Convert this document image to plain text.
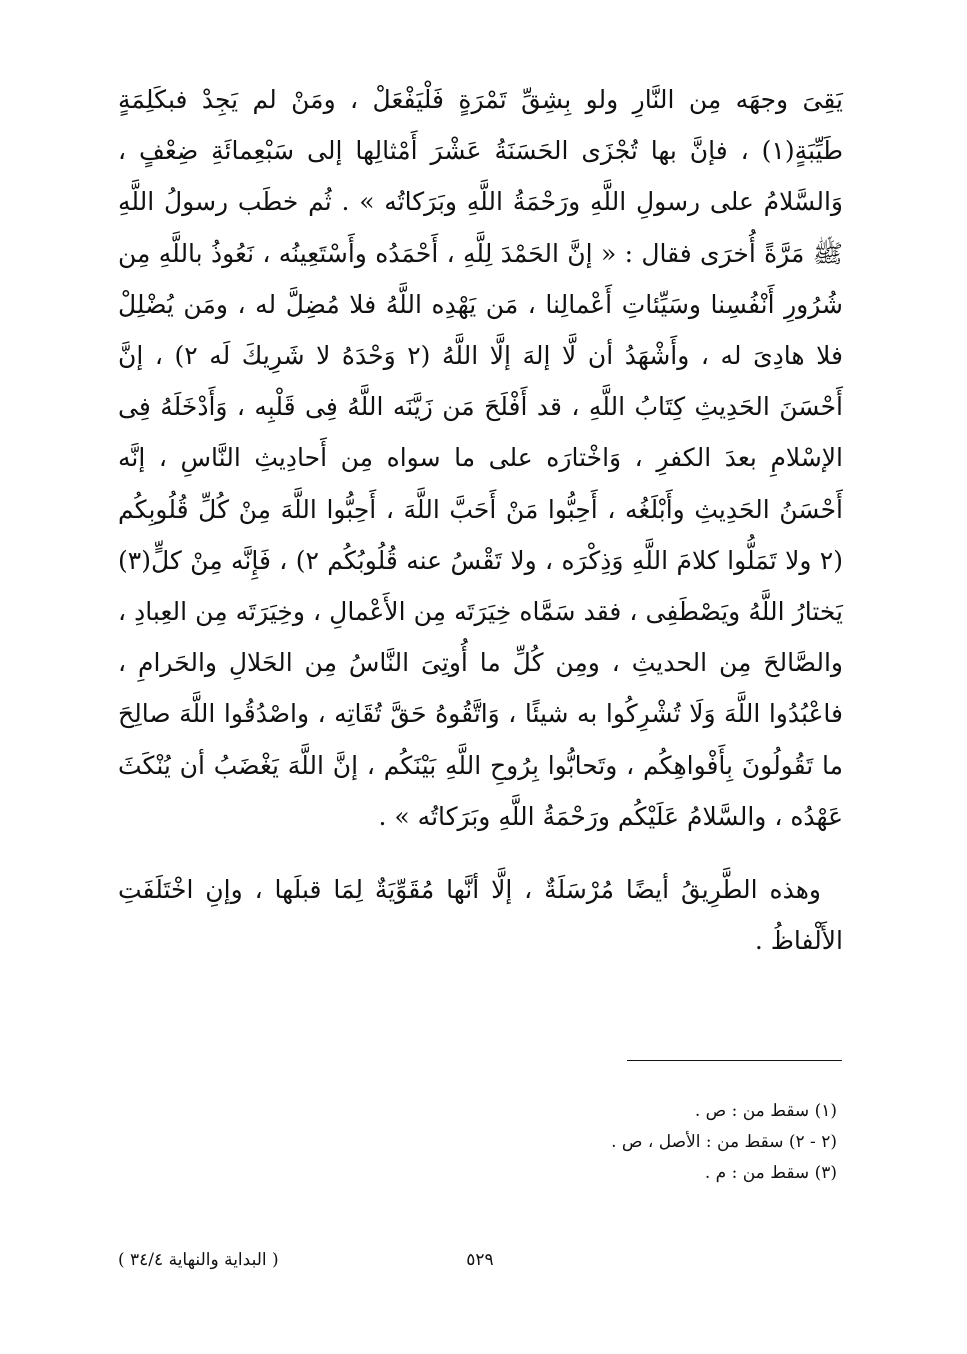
يَقِىَ وجهَه مِن النَّارِ ولو بِشِقِّ تَمْرَةٍ فَلْيَفْعَلْ ، ومَنْ لم يَجِدْ فبكَلِمَةٍ طَيِّبَةٍ(١) ، فإنَّ بها تُجْزَى الحَسَنَةُ عَشْرَ أَمْثالِها إلى سَبْعِمائَةِ ضِعْفٍ ، وَالسَّلامُ على رسولِ اللَّهِ ورَحْمَةُ اللَّهِ وبَرَكاتُه » . ثُم خطَب رسولُ اللَّهِ ﷺ مَرَّةً أُخرَى فقال : « إنَّ الحَمْدَ لِلَّهِ ، أَحْمَدُه وأَسْتَعِينُه ، نَعُوذُ باللَّهِ مِن شُرُورِ أَنْفُسِنا وسَيِّئاتِ أَعْمالِنا ، مَن يَهْدِه اللَّهُ فلا مُضِلَّ له ، ومَن يُضْلِلْ فلا هادِىَ له ، وأَشْهَدُ أن لَّا إلهَ إلَّا اللَّهُ (٢ وَحْدَهُ لا شَرِيكَ لَه ٢) ، إنَّ أَحْسَنَ الحَدِيثِ كِتَابُ اللَّهِ ، قد أَفْلَحَ مَن زَيَّنَه اللَّهُ فِى قَلْبِه ، وَأَدْخَلَهُ فِى الإسْلامِ بعدَ الكفرِ ، وَاخْتارَه على ما سواه مِن أَحادِيثِ النَّاسِ ، إنَّه أَحْسَنُ الحَدِيثِ وأَبْلَغُه ، أَحِبُّوا مَنْ أَحَبَّ اللَّهَ ، أَحِبُّوا اللَّهَ مِنْ كُلِّ قُلُوبِكُم (٢ ولا تَمَلُّوا كلامَ اللَّهِ وَذِكْرَه ، ولا تَقْسُ عنه قُلُوبُكُم ٢) ، فَإِنَّه مِنْ كلٍّ(٣) يَختارُ اللَّهُ ويَصْطَفِى ، فقد سَمَّاه خِيَرَتَه مِن الأَعْمالِ ، وخِيَرَتَه مِن العِبادِ ، والصَّالحَ مِن الحديثِ ، ومِن كُلِّ ما أُوتِىَ النَّاسُ مِن الحَلالِ والحَرامِ ، فاعْبُدُوا اللَّهَ وَلَا تُشْرِكُوا به شيئًا ، وَاتَّقُوهُ حَقَّ تُقَاتِه ، واصْدُقُوا اللَّهَ صالِحَ ما تَقُولُونَ بِأَفْواهِكُم ، وتَحابُّوا بِرُوحِ اللَّهِ بَيْنَكُم ، إنَّ اللَّهَ يَغْضَبُ أن يُنْكَثَ عَهْدُه ، والسَّلامُ عَلَيْكُم ورَحْمَةُ اللَّهِ وبَرَكاتُه » .

وهذه الطَّرِيقُ أيضًا مُرْسَلَةٌ ، إلَّا أنَّها مُقَوِّيَةٌ لِمَا قبلَها ، وإنِ اخْتَلَفَتِ الأَلْفاظُ .

(١) سقط من : ص .
(٢ - ٢) سقط من : الأصل ، ص .
(٣) سقط من : م .
٥٢٩
( البداية والنهاية ٣٤/٤ )
